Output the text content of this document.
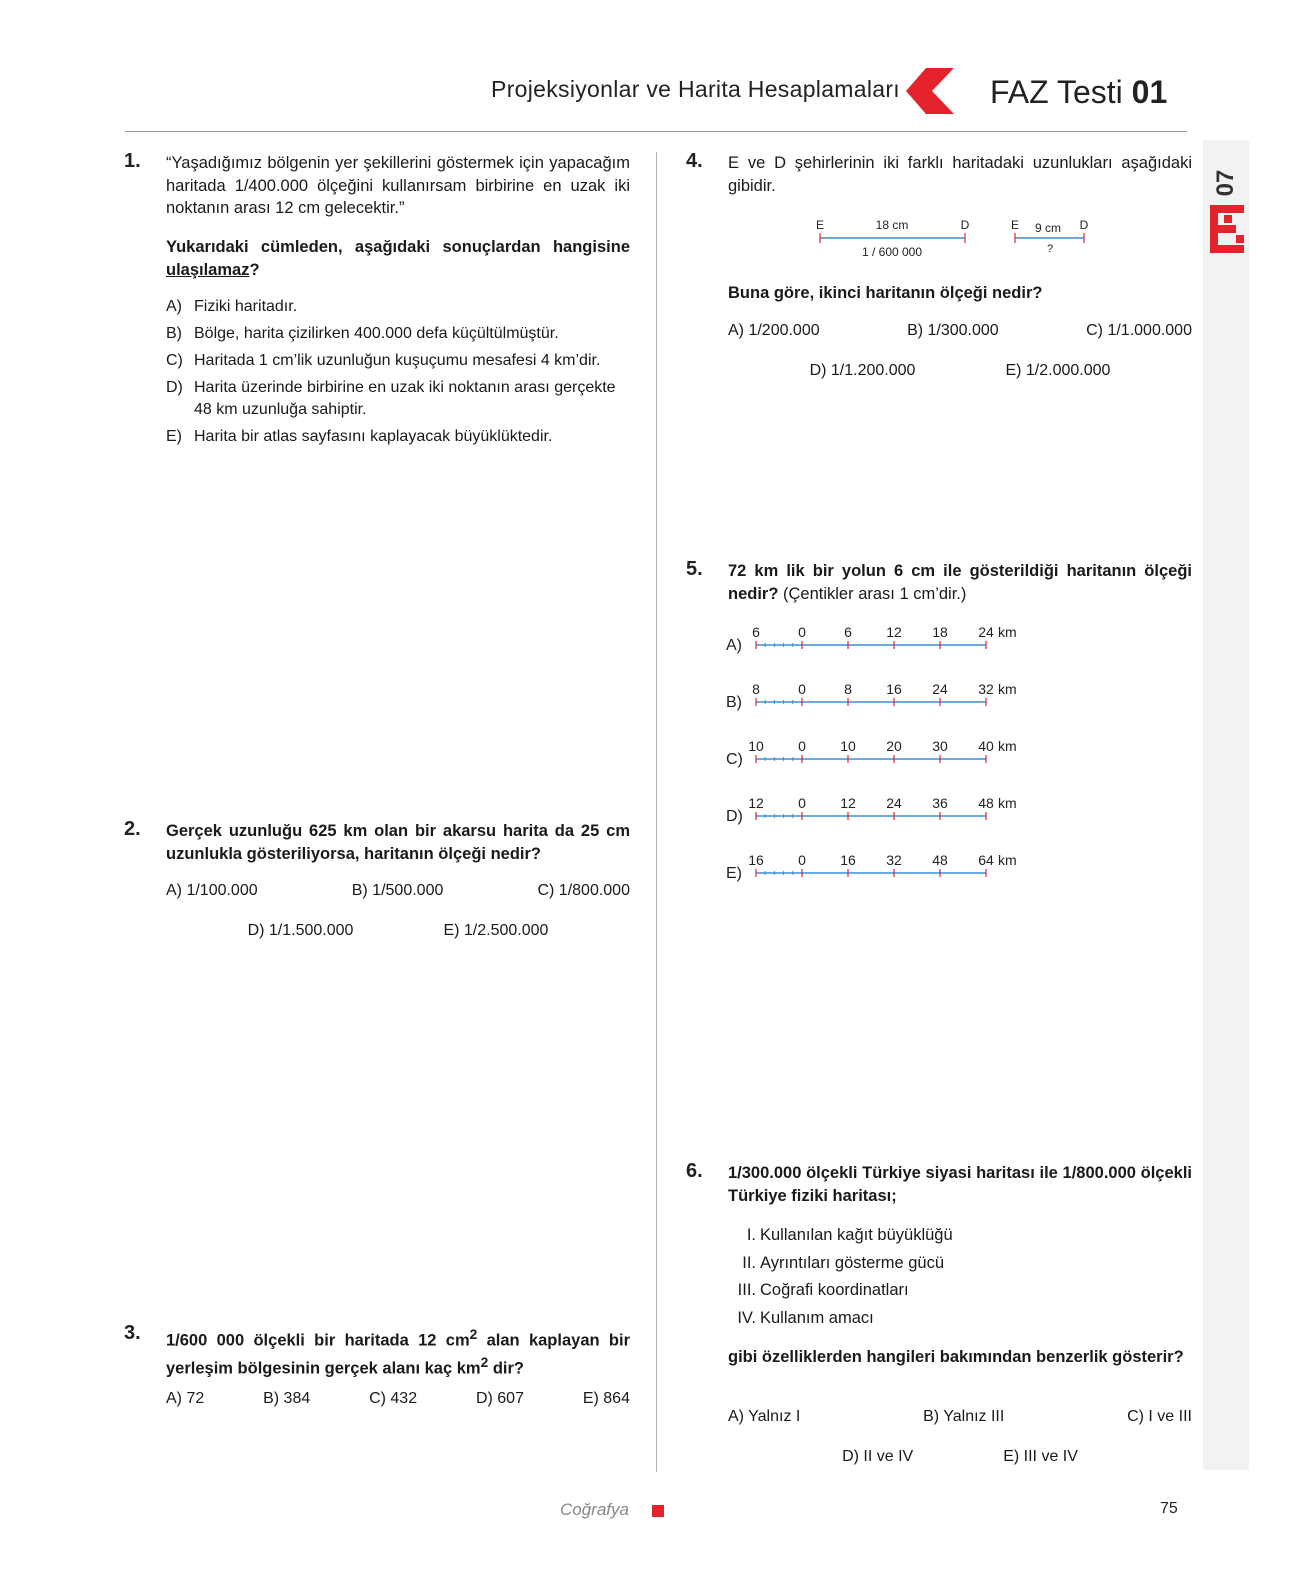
Projeksiyonlar ve Harita Hesaplamaları	FAZ Testi 01
07
1. “Yaşadığımız bölgenin yer şekillerini göstermek için yapacağım haritada 1/400.000 ölçeğini kullanırsam birbirine en uzak iki noktanın arası 12 cm gelecektir.”
Yukarıdaki cümleden, aşağıdaki sonuçlardan hangisine ulaşılamaz?
A) Fiziki haritadır.
B) Bölge, harita çizilirken 400.000 defa küçültülmüştür.
C) Haritada 1 cm’lik uzunluğun kuşuçumu mesafesi 4 km’dir.
D) Harita üzerinde birbirine en uzak iki noktanın arası gerçekte 48 km uzunluğa sahiptir.
E) Harita bir atlas sayfasını kaplayacak büyüklüktedir.
2. Gerçek uzunluğu 625 km olan bir akarsu harita da 25 cm uzunlukla gösteriliyorsa, haritanın ölçeği nedir?
A) 1/100.000	B) 1/500.000	C) 1/800.000
D) 1/1.500.000	E) 1/2.500.000
3. 1/600 000 ölçekli bir haritada 12 $cm^2$ alan kaplayan bir yerleşim bölgesinin gerçek alanı kaç $km^2$ dir?
A) 72	B) 384	C) 432	D) 607	E) 864
4. E ve D şehirlerinin iki farklı haritadaki uzunlukları aşağıdaki gibidir.
E	D
18 cm
1 / 600 000
E	D
9 cm
?
Buna göre, ikinci haritanın ölçeği nedir?
A) 1/200.000	B) 1/300.000	C) 1/1.000.000
D) 1/1.200.000	E) 1/2.000.000
5. 72 km lik bir yolun 6 cm ile gösterildiği haritanın ölçeği nedir? (Çentikler arası 1 cm’dir.)
A)
6	0	6 12 18 24 km
B)
8	0	8 16 24 32 km
C)
10 0 10 20 30 40 km
D)
12 0 12 24 36 48 km
E)
16 0 16 32 48 64 km
6. 1/300.000 ölçekli Türkiye siyasi haritası ile 1/800.000 ölçekli Türkiye fiziki haritası;
I. Kullanılan kağıt büyüklüğü
II. Ayrıntıları gösterme gücü
III. Coğrafi koordinatları
IV. Kullanım amacı
gibi özelliklerden hangileri bakımından benzerlik gösterir?
A) Yalnız I	B) Yalnız III	C) I ve III
D) II ve IV	E) III ve IV
Coğrafya	75
